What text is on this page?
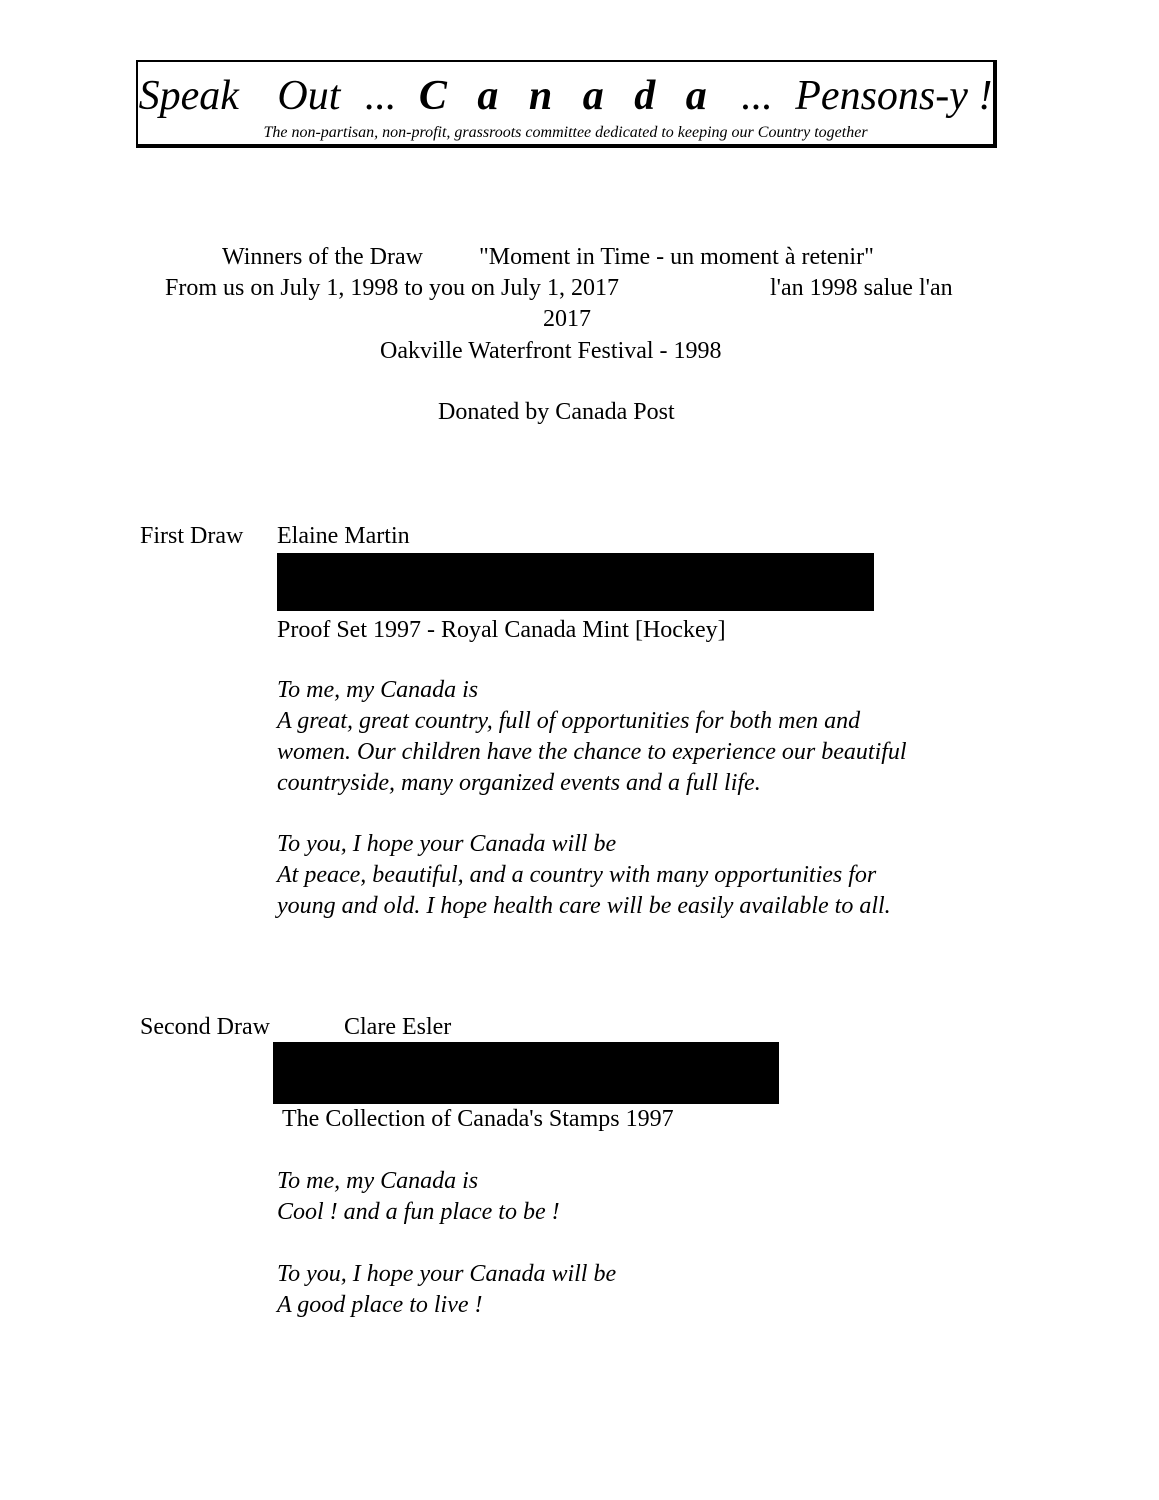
Speak Out ... C a n a d a ... Pensons-y !
The non-partisan, non-profit, grassroots committee dedicated to keeping our Country together
Winners of the Draw "Moment in Time - un moment à retenir"
From us on July 1, 1998 to you on July 1, 2017	l'an 1998 salue l'an
2017
Oakville Waterfront Festival - 1998
Donated by Canada Post
First Draw Elaine Martin
Proof Set 1997 - Royal Canada Mint [Hockey]
To me, my Canada is
A great, great country, full of opportunities for both men and
women. Our children have the chance to experience our beautiful
countryside, many organized events and a full life.
To you, I hope your Canada will be
At peace, beautiful, and a country with many opportunities for
young and old. I hope health care will be easily available to all.
Second Draw	Clare Esler
The Collection of Canada's Stamps 1997
To me, my Canada is
Cool ! and a fun place to be !
To you, I hope your Canada will be
A good place to live !
